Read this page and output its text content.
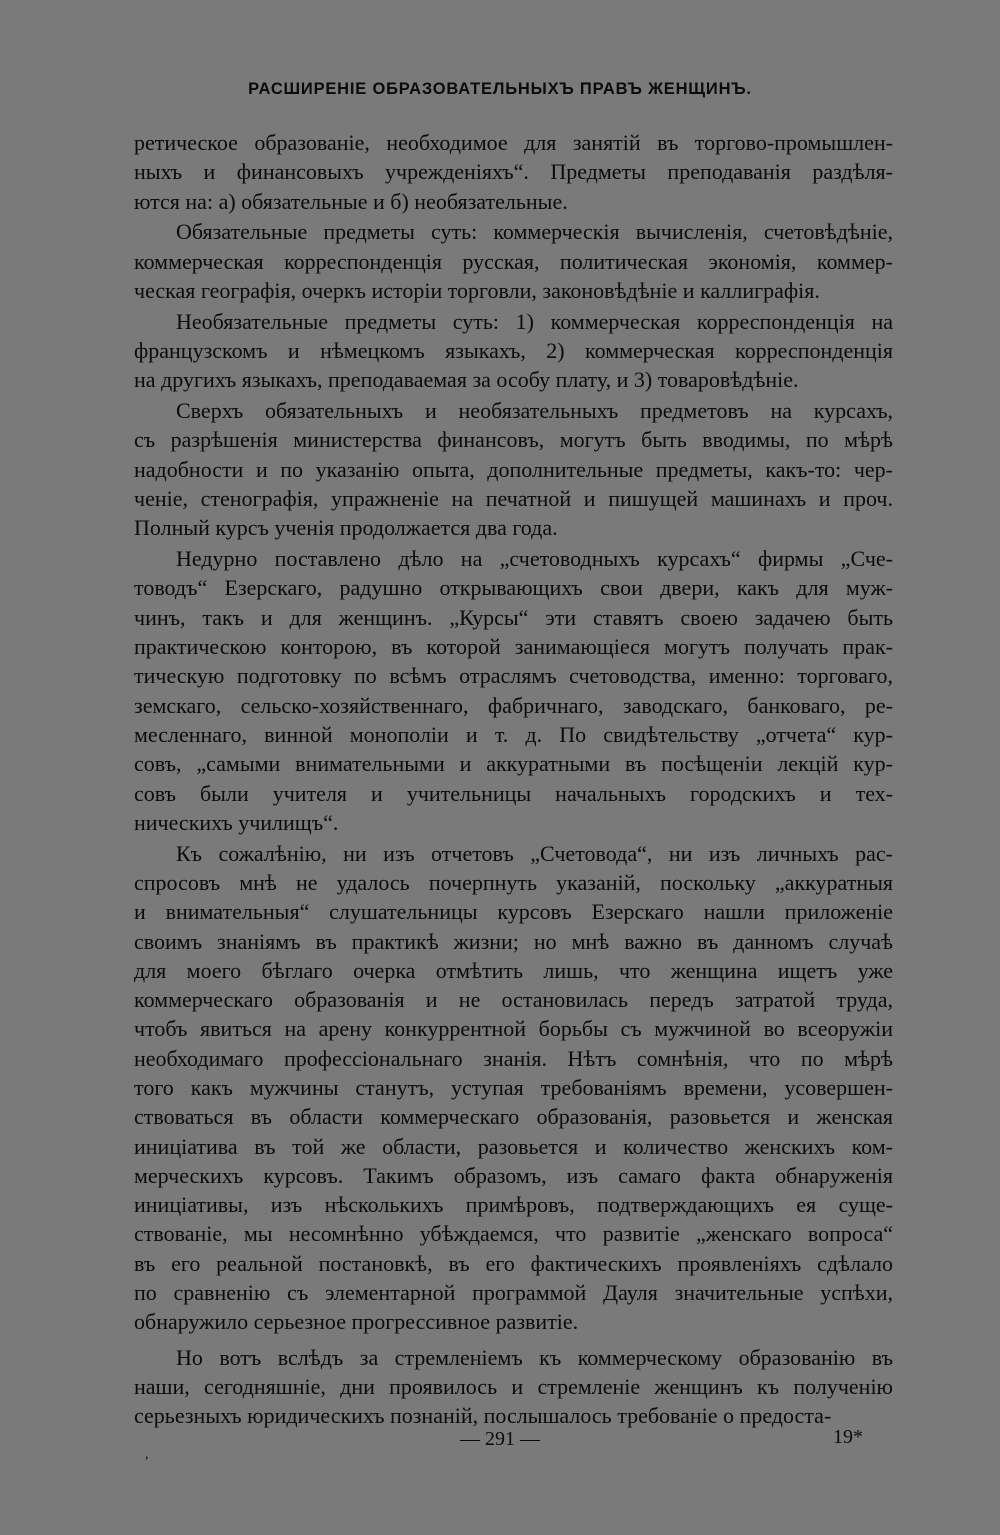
РАСШИРЕНІЕ ОБРАЗОВАТЕЛЬНЫХЪ ПРАВЪ ЖЕНЩИНЪ.
ретическое образованіе, необходимое для занятій въ торгово-промышлен-
ныхъ и финансовыхъ учрежденіяхъ“. Предметы преподаванія раздѣля-
ются на: а) обязательные и б) необязательные.
Обязательные предметы суть: коммерческія вычисленія, счетовѣдѣніе,
коммерческая корреспонденція русская, политическая экономія, коммер-
ческая географія, очеркъ исторіи торговли, законовѣдѣніе и каллиграфія.
Необязательные предметы суть: 1) коммерческая корреспонденція на
французскомъ и нѣмецкомъ языкахъ, 2) коммерческая корреспонденція
на другихъ языкахъ, преподаваемая за особу плату, и 3) товаровѣдѣніе.
Сверхъ обязательныхъ и необязательныхъ предметовъ на курсахъ,
съ разрѣшенія министерства финансовъ, могутъ быть вводимы, по мѣрѣ
надобности и по указанію опыта, дополнительные предметы, какъ-то: чер-
ченіе, стенографія, упражненіе на печатной и пишущей машинахъ и проч.
Полный курсъ ученія продолжается два года.
Недурно поставлено дѣло на „счетоводныхъ курсахъ“ фирмы „Сче-
товодъ“ Езерскаго, радушно открывающихъ свои двери, какъ для муж-
чинъ, такъ и для женщинъ. „Курсы“ эти ставятъ своею задачею быть
практическою конторою, въ которой занимающіеся могутъ получать прак-
тическую подготовку по всѣмъ отраслямъ счетоводства, именно: торговаго,
земскаго, сельско-хозяйственнаго, фабричнаго, заводскаго, банковаго, ре-
месленнаго, винной монополіи и т. д. По свидѣтельству „отчета“ кур-
совъ, „самыми внимательными и аккуратными въ посѣщеніи лекцій кур-
совъ были учителя и учительницы начальныхъ городскихъ и тех-
ническихъ училищъ“.
Къ сожалѣнію, ни изъ отчетовъ „Счетовода“, ни изъ личныхъ рас-
спросовъ мнѣ не удалось почерпнуть указаній, поскольку „аккуратныя
и внимательныя“ слушательницы курсовъ Езерскаго нашли приложеніе
своимъ знаніямъ въ практикѣ жизни; но мнѣ важно въ данномъ случаѣ
для моего бѣглаго очерка отмѣтить лишь, что женщина ищетъ уже
коммерческаго образованія и не остановилась передъ затратой труда,
чтобъ явиться на арену конкуррентной борьбы съ мужчиной во всеоружіи
необходимаго профессіональнаго знанія. Нѣтъ сомнѣнія, что по мѣрѣ
того какъ мужчины станутъ, уступая требованіямъ времени, усовершен-
ствоваться въ области коммерческаго образованія, разовьется и женская
иниціатива въ той же области, разовьется и количество женскихъ ком-
мерческихъ курсовъ. Такимъ образомъ, изъ самаго факта обнаруженія
иниціативы, изъ нѣсколькихъ примѣровъ, подтверждающихъ ея суще-
ствованіе, мы несомнѣнно убѣждаемся, что развитіе „женскаго вопроса“
въ его реальной постановкѣ, въ его фактическихъ проявленіяхъ сдѣлало
по сравненію съ элементарной программой Дауля значительные успѣхи,
обнаружило серьезное прогрессивное развитіе.
Но вотъ вслѣдъ за стремленіемъ къ коммерческому образованію въ
наши, сегодняшніе, дни проявилось и стремленіе женщинъ къ полученію
серьезныхъ юридическихъ познаній, послышалось требованіе о предоста-
— 291 —	19*
,
